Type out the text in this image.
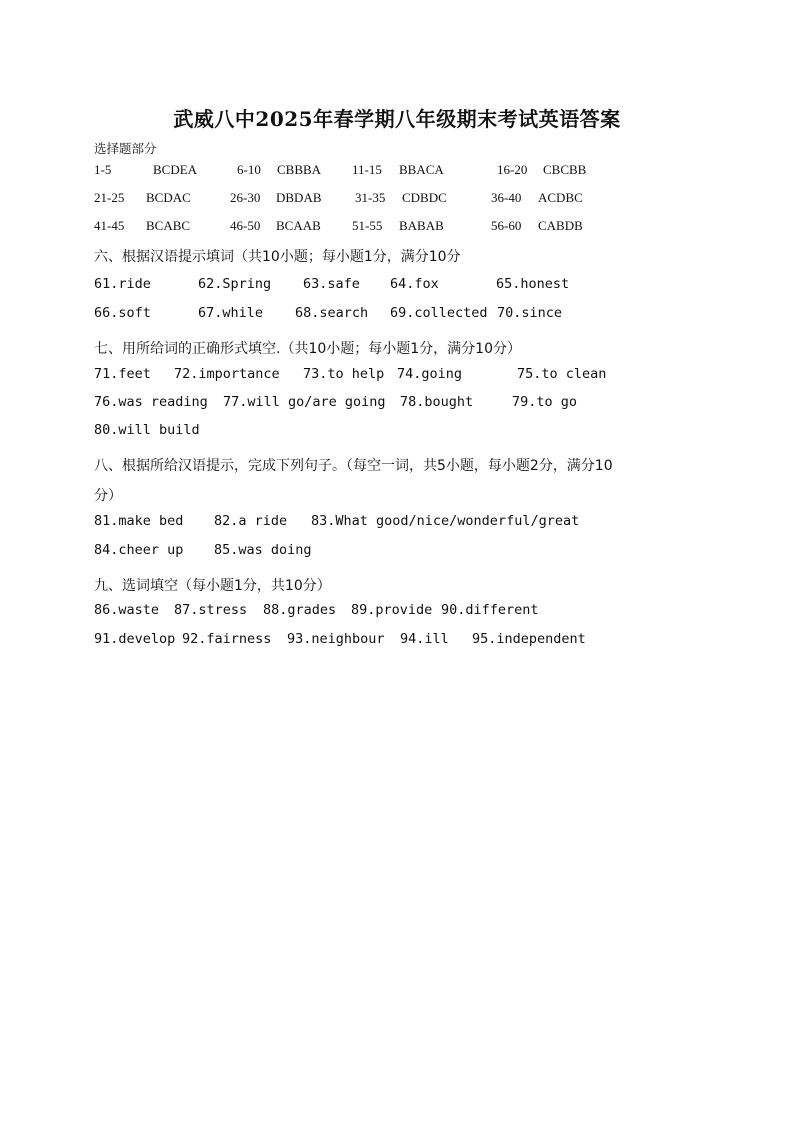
武威八中2025年春学期八年级期末考试英语答案
选择题部分
1-5	BCDEA	6-10 CBBBA 11-15 BBACA	16-20 CBCBB
21-25 BCDAC	26-30 DBDAB	31-35 CDBDC	36-40 ACDBC
41-45 BCABC	46-50 BCAAB 51-55 BABAB	56-60 CABDB
六、根据汉语提示填词（共10小题；每小题1分，满分10分
61.ride	62.Spring 63.safe 64.fox	65.honest
66.soft	67.while 68.search 69.collected 70.since
七、用所给词的正确形式填空.（共10小题；每小题1分，满分10分）
71.feet 72.importance 73.to help 74.going	75.to clean
76.was reading 77.will go/are going 78.bought	79.to go
80.will build
八、根据所给汉语提示，完成下列句子。（每空一词，共5小题，每小题2分，满分10
分）
81.make bed 82.a ride 83.What good/nice/wonderful/great
84.cheer up 85.was doing
九、选词填空（每小题1分，共10分）
86.waste 87.stress 88.grades 89.provide 90.different
91.develop 92.fairness 93.neighbour 94.ill 95.independent
